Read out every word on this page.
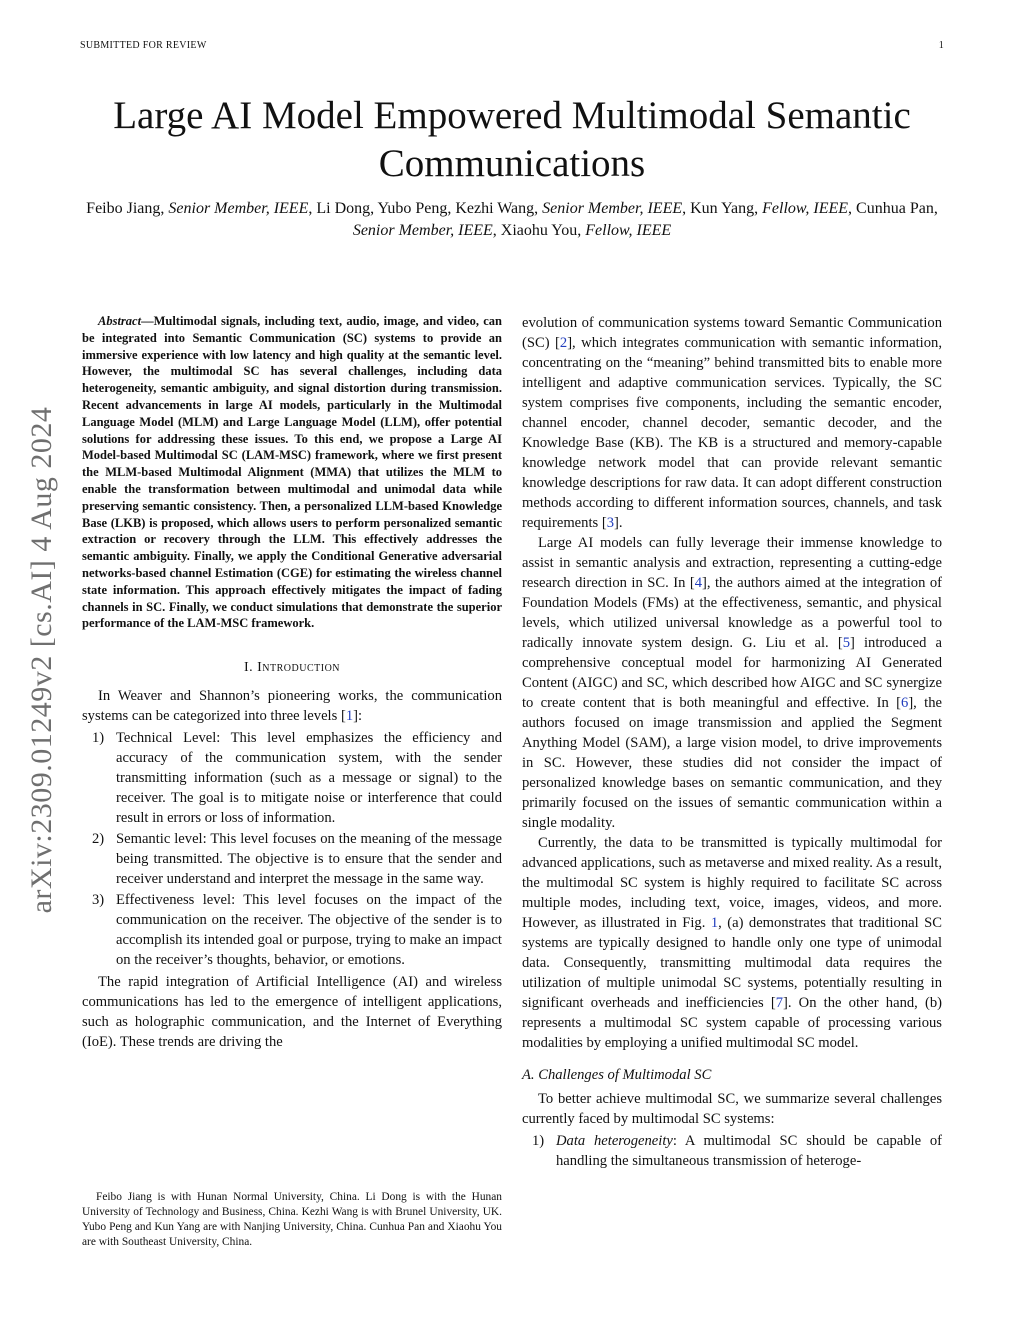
SUBMITTED FOR REVIEW	1
Large AI Model Empowered Multimodal Semantic
Communications
Feibo Jiang, Senior Member, IEEE, Li Dong, Yubo Peng, Kezhi Wang, Senior Member, IEEE, Kun Yang, Fellow, IEEE, Cunhua Pan, Senior Member, IEEE, Xiaohu You, Fellow, IEEE
arXiv:2309.01249v2 [cs.AI] 4 Aug 2024

Abstract—Multimodal signals, including text, audio, image, and video, can be integrated into Semantic Communication (SC) systems to provide an immersive experience with low latency and high quality at the semantic level. However, the multimodal SC has several challenges, including data heterogeneity, semantic ambiguity, and signal distortion during transmission. Recent advancements in large AI models, particularly in the Multimodal Language Model (MLM) and Large Language Model (LLM), offer potential solutions for addressing these issues. To this end, we propose a Large AI Model-based Multimodal SC (LAM-MSC) framework, where we first present the MLM-based Multimodal Alignment (MMA) that utilizes the MLM to enable the transformation between multimodal and unimodal data while preserving semantic consistency. Then, a personalized LLM-based Knowledge Base (LKB) is proposed, which allows users to perform personalized semantic extraction or recovery through the LLM. This effectively addresses the semantic ambiguity. Finally, we apply the Conditional Generative adversarial networks-based channel Estimation (CGE) for estimating the wireless channel state information. This approach effectively mitigates the impact of fading channels in SC. Finally, we conduct simulations that demonstrate the superior performance of the LAM-MSC framework.

I. Introduction

In Weaver and Shannon’s pioneering works, the communication systems can be categorized into three levels [1]:

1) Technical Level: This level emphasizes the efficiency and accuracy of the communication system, with the sender transmitting information (such as a message or signal) to the receiver. The goal is to mitigate noise or interference that could result in errors or loss of information.
2) Semantic level: This level focuses on the meaning of the message being transmitted. The objective is to ensure that the sender and receiver understand and interpret the message in the same way.
3) Effectiveness level: This level focuses on the impact of the communication on the receiver. The objective of the sender is to accomplish its intended goal or purpose, trying to make an impact on the receiver’s thoughts, behavior, or emotions.

The rapid integration of Artificial Intelligence (AI) and wireless communications has led to the emergence of intelligent applications, such as holographic communication, and the Internet of Everything (IoE). These trends are driving the

Feibo Jiang is with Hunan Normal University, China. Li Dong is with the Hunan University of Technology and Business, China. Kezhi Wang is with Brunel University, UK. Yubo Peng and Kun Yang are with Nanjing University, China. Cunhua Pan and Xiaohu You are with Southeast University, China.

evolution of communication systems toward Semantic Communication (SC) [2], which integrates communication with semantic information, concentrating on the “meaning” behind transmitted bits to enable more intelligent and adaptive communication services. Typically, the SC system comprises five components, including the semantic encoder, channel encoder, channel decoder, semantic decoder, and the Knowledge Base (KB). The KB is a structured and memory-capable knowledge network model that can provide relevant semantic knowledge descriptions for raw data. It can adopt different construction methods according to different information sources, channels, and task requirements [3].

Large AI models can fully leverage their immense knowledge to assist in semantic analysis and extraction, representing a cutting-edge research direction in SC. In [4], the authors aimed at the integration of Foundation Models (FMs) at the effectiveness, semantic, and physical levels, which utilized universal knowledge as a powerful tool to radically innovate system design. G. Liu et al. [5] introduced a comprehensive conceptual model for harmonizing AI Generated Content (AIGC) and SC, which described how AIGC and SC synergize to create content that is both meaningful and effective. In [6], the authors focused on image transmission and applied the Segment Anything Model (SAM), a large vision model, to drive improvements in SC. However, these studies did not consider the impact of personalized knowledge bases on semantic communication, and they primarily focused on the issues of semantic communication within a single modality.

Currently, the data to be transmitted is typically multimodal for advanced applications, such as metaverse and mixed reality. As a result, the multimodal SC system is highly required to facilitate SC across multiple modes, including text, voice, images, videos, and more. However, as illustrated in Fig. 1, (a) demonstrates that traditional SC systems are typically designed to handle only one type of unimodal data. Consequently, transmitting multimodal data requires the utilization of multiple unimodal SC systems, potentially resulting in significant overheads and inefficiencies [7]. On the other hand, (b) represents a multimodal SC system capable of processing various modalities by employing a unified multimodal SC model.

A. Challenges of Multimodal SC

To better achieve multimodal SC, we summarize several challenges currently faced by multimodal SC systems:

1) Data heterogeneity: A multimodal SC should be capable of handling the simultaneous transmission of heteroge-
